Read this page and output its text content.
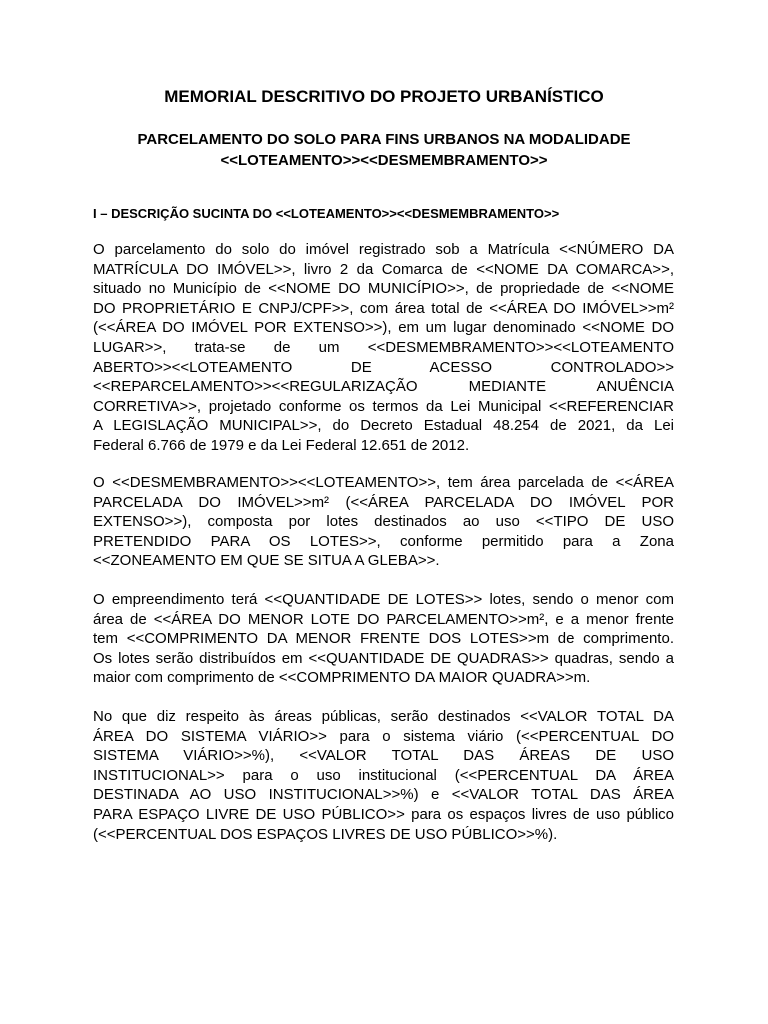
MEMORIAL DESCRITIVO DO PROJETO URBANÍSTICO
PARCELAMENTO DO SOLO PARA FINS URBANOS NA MODALIDADE
<<LOTEAMENTO>><<DESMEMBRAMENTO>>
I – DESCRIÇÃO SUCINTA DO <<LOTEAMENTO>><<DESMEMBRAMENTO>>
O parcelamento do solo do imóvel registrado sob a Matrícula <<NÚMERO DA
MATRÍCULA DO IMÓVEL>>, livro 2 da Comarca de <<NOME DA COMARCA>>,
situado no Município de <<NOME DO MUNICÍPIO>>, de propriedade de <<NOME
DO PROPRIETÁRIO E CNPJ/CPF>>, com área total de <<ÁREA DO IMÓVEL>>m²
(<<ÁREA DO IMÓVEL POR EXTENSO>>), em um lugar denominado <<NOME DO
LUGAR>>, trata-se de um <<DESMEMBRAMENTO>><<LOTEAMENTO
ABERTO>><<LOTEAMENTO DE ACESSO CONTROLADO>>
<<REPARCELAMENTO>><<REGULARIZAÇÃO MEDIANTE ANUÊNCIA
CORRETIVA>>, projetado conforme os termos da Lei Municipal <<REFERENCIAR
A LEGISLAÇÃO MUNICIPAL>>, do Decreto Estadual 48.254 de 2021, da Lei
Federal 6.766 de 1979 e da Lei Federal 12.651 de 2012.
O <<DESMEMBRAMENTO>><<LOTEAMENTO>>, tem área parcelada de <<ÁREA
PARCELADA DO IMÓVEL>>m² (<<ÁREA PARCELADA DO IMÓVEL POR
EXTENSO>>), composta por lotes destinados ao uso <<TIPO DE USO
PRETENDIDO PARA OS LOTES>>, conforme permitido para a Zona
<<ZONEAMENTO EM QUE SE SITUA A GLEBA>>.
O empreendimento terá <<QUANTIDADE DE LOTES>> lotes, sendo o menor com
área de <<ÁREA DO MENOR LOTE DO PARCELAMENTO>>m², e a menor frente
tem <<COMPRIMENTO DA MENOR FRENTE DOS LOTES>>m de comprimento.
Os lotes serão distribuídos em <<QUANTIDADE DE QUADRAS>> quadras, sendo a
maior com comprimento de <<COMPRIMENTO DA MAIOR QUADRA>>m.
No que diz respeito às áreas públicas, serão destinados <<VALOR TOTAL DA
ÁREA DO SISTEMA VIÁRIO>> para o sistema viário (<<PERCENTUAL DO
SISTEMA VIÁRIO>>%), <<VALOR TOTAL DAS ÁREAS DE USO
INSTITUCIONAL>> para o uso institucional (<<PERCENTUAL DA ÁREA
DESTINADA AO USO INSTITUCIONAL>>%) e <<VALOR TOTAL DAS ÁREA
PARA ESPAÇO LIVRE DE USO PÚBLICO>> para os espaços livres de uso público
(<<PERCENTUAL DOS ESPAÇOS LIVRES DE USO PÚBLICO>>%).
